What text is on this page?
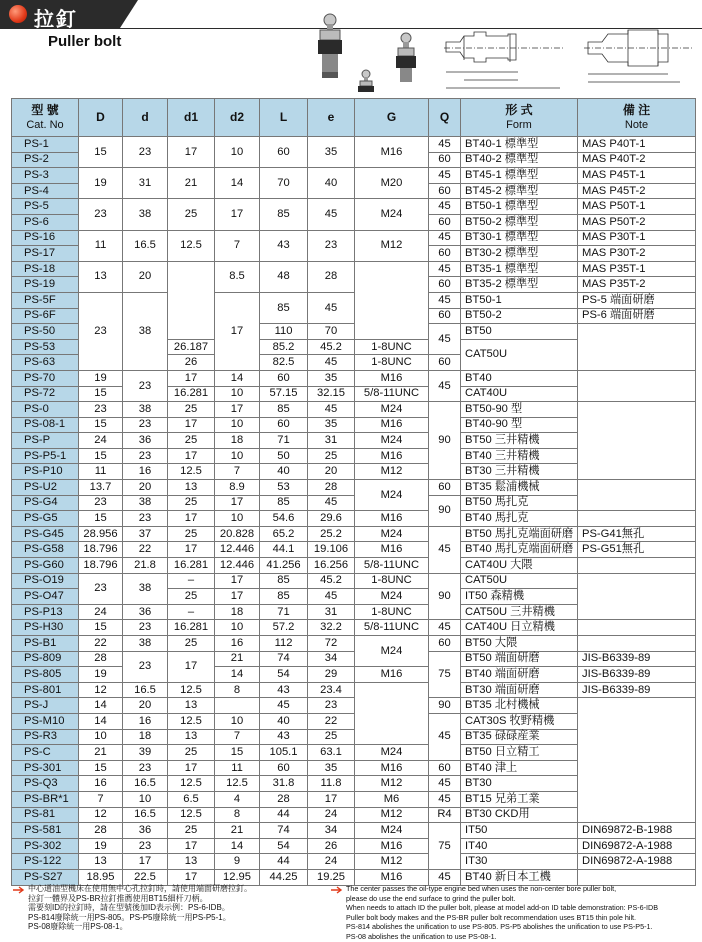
拉釘
Puller bolt
型 號
Cat. No	D	d	d1	d2	L	e	G	Q	形 式
Form	備 注
Note

PS-1	15	23	17	10	60	35	M16	45	BT40-1 標準型	MAS P40T-1
PS-2								60	BT40-2 標準型	MAS P40T-2
PS-3	19	31	21	14	70	40	M20	45	BT45-1 標準型	MAS P45T-1
PS-4								60	BT45-2 標準型	MAS P45T-2
PS-5	23	38	25	17	85	45	M24	45	BT50-1 標準型	MAS P50T-1
PS-6								60	BT50-2 標準型	MAS P50T-2
PS-16	11	16.5	12.5	7	43	23	M12	45	BT30-1 標準型	MAS P30T-1
PS-17								60	BT30-2 標準型	MAS P30T-2
PS-18	13	20		8.5	48	28		45	BT35-1 標準型	MAS P35T-1
PS-19								60	BT35-2 標準型	MAS P35T-2
PS-5F	23	38		17	85	45		45	BT50-1	PS-5 端面研磨
PS-6F								60	BT50-2	PS-6 端面研磨
PS-50					110	70		45	BT50	
PS-53			26.187		85.2	45.2	1-8UNC		CAT50U	
PS-63			26		82.5	45	1-8UNC	60		
PS-70	19	23	17	14	60	35	M16	45	BT40	
PS-72	15		16.281	10	57.15	32.15	5/8-11UNC		CAT40U	
PS-0	23	38	25	17	85	45	M24	90	BT50-90 型	
PS-08-1	15	23	17	10	60	35	M16		BT40-90 型	
PS-P	24	36	25	18	71	31	M24		BT50 三井精機	
PS-P5-1	15	23	17	10	50	25	M16		BT40 三井精機	
PS-P10	11	16	12.5	7	40	20	M12		BT30 三井精機	
PS-U2	13.7	20	13	8.9	53	28	M24	60	BT35 鬆浦機械	
PS-G4	23	38	25	17	85	45		90	BT50 馬扎克	
PS-G5	15	23	17	10	54.6	29.6	M16		BT40 馬扎克	
PS-G45	28.956	37	25	20.828	65.2	25.2	M24	45	BT50 馬扎克端面研磨	PS-G41無孔
PS-G58	18.796	22	17	12.446	44.1	19.106	M16		BT40 馬扎克端面研磨	PS-G51無孔
PS-G60	18.796	21.8	16.281	12.446	41.256	16.256	5/8-11UNC		CAT40U 大隈	
PS-O19	23	38	–	17	85	45.2	1-8UNC	90	CAT50U	
PS-O47			25	17	85	45	M24		IT50 森精機	
PS-P13	24	36	–	18	71	31	1-8UNC		CAT50U 三井精機	
PS-H30	15	23	16.281	10	57.2	32.2	5/8-11UNC	45	CAT40U 日立精機	
PS-B1	22	38	25	16	112	72	M24	60	BT50 大隈	
PS-809	28	23	17	21	74	34		75	BT50 端面研磨	JIS-B6339-89
PS-805	19			14	54	29	M16		BT40 端面研磨	JIS-B6339-89
PS-801	12	16.5	12.5	8	43	23.4			BT30 端面研磨	JIS-B6339-89
PS-J	14	20	13		45	23		90	BT35 北村機械	
PS-M10	14	16	12.5	10	40	22		45	CAT30S 牧野精機	
PS-R3	10	18	13	7	43	25			BT35 碌碌産業	
PS-C	21	39	25	15	105.1	63.1	M24		BT50 日立精工	
PS-301	15	23	17	11	60	35	M16	60	BT40 津上	
PS-Q3	16	16.5	12.5	12.5	31.8	11.8	M12	45	BT30	
PS-BR*1	7	10	6.5	4	28	17	M6	45	BT15 兄弟工業	
PS-81	12	16.5	12.5	8	44	24	M12	R4	BT30 CKD用	
PS-581	28	36	25	21	74	34	M24	75	IT50	DIN69872-B-1988
PS-302	19	23	17	14	54	26	M16		IT40	DIN69872-A-1988
PS-122	13	17	13	9	44	24	M12		IT30	DIN69872-A-1988
PS-S27	18.95	22.5	17	12.95	44.25	19.25	M16	45	BT40 新日本工機	
中心通油型機床在使用無中心孔拉釘時，請使用端面研磨拉釘。
拉釘一體界及PS-BR拉釘推薦使用BT15細杆刀柄。
需要刻ID的拉釘時，請在型號後加ID表示例：PS-6-IDB。
PS-814廢除統一用PS-805。PS-P5廢除統一用PS-P5-1。
PS-08廢除統一用PS-08-1。
The center passes the oil-type engine bed when uses the non-center bore puller bolt,
please do use the end surface to grind the puller bolt.
When needs to attach ID the puller bolt, please at model add-on ID table demonstration: PS-6-IDB
Puller bolt body makes and the PS-BR puller bolt recommendation uses BT15 thin pole hilt.
PS-814 abolishes the unification to use PS-805. PS-P5 abolishes the unification to use PS-P5-1.
PS-08 abolishes the unification to use PS-08-1.
